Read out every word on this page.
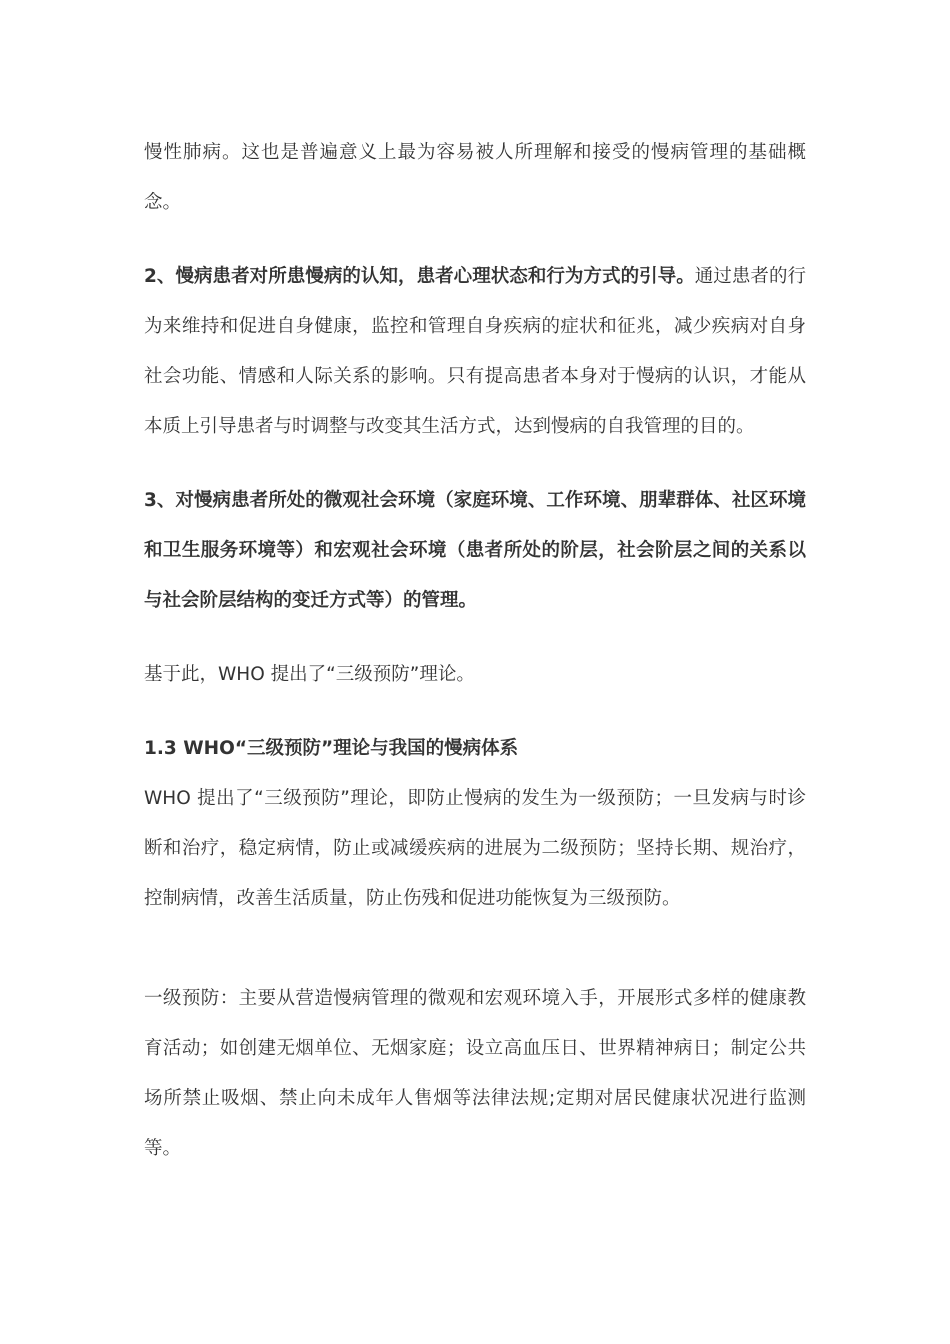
慢性肺病。这也是普遍意义上最为容易被人所理解和接受的慢病管理的基础概念。

2、慢病患者对所患慢病的认知，患者心理状态和行为方式的引导。通过患者的行为来维持和促进自身健康，监控和管理自身疾病的症状和征兆，减少疾病对自身社会功能、情感和人际关系的影响。只有提高患者本身对于慢病的认识，才能从本质上引导患者与时调整与改变其生活方式，达到慢病的自我管理的目的。

3、对慢病患者所处的微观社会环境（家庭环境、工作环境、朋辈群体、社区环境和卫生服务环境等）和宏观社会环境（患者所处的阶层，社会阶层之间的关系以与社会阶层结构的变迁方式等）的管理。

基于此，WHO 提出了“三级预防”理论。

1.3 WHO“三级预防”理论与我国的慢病体系

WHO 提出了“三级预防”理论，即防止慢病的发生为一级预防；一旦发病与时诊断和治疗，稳定病情，防止或减缓疾病的进展为二级预防；坚持长期、规治疗，控制病情，改善生活质量，防止伤残和促进功能恢复为三级预防。

一级预防：主要从营造慢病管理的微观和宏观环境入手，开展形式多样的健康教育活动；如创建无烟单位、无烟家庭；设立高血压日、世界精神病日；制定公共场所禁止吸烟、禁止向未成年人售烟等法律法规;定期对居民健康状况进行监测等。
